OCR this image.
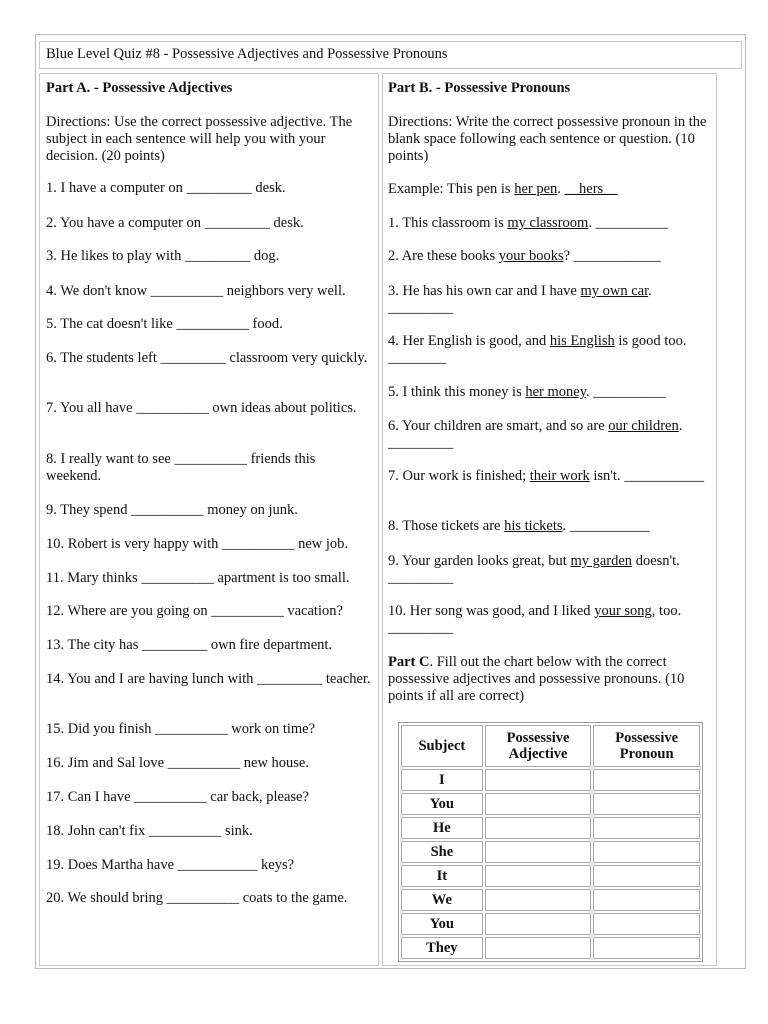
Blue Level Quiz #8 - Possessive Adjectives and Possessive Pronouns

Part A. - Possessive Adjectives

Directions: Use the correct possessive adjective. The subject in each sentence will help you with your decision. (20 points)

1. I have a computer on _________ desk.

2. You have a computer on _________ desk.

3. He likes to play with _________ dog.

4. We don't know __________ neighbors very well.

5. The cat doesn't like __________ food.

6. The students left _________ classroom very quickly.

7. You all have __________ own ideas about politics.

8. I really want to see __________ friends this weekend.

9. They spend __________ money on junk.

10. Robert is very happy with __________ new job.

11. Mary thinks __________ apartment is too small.

12. Where are you going on __________ vacation?

13. The city has _________ own fire department.

14. You and I are having lunch with _________ teacher.

15. Did you finish __________ work on time?

16. Jim and Sal love __________ new house.

17. Can I have __________ car back, please?

18. John can't fix __________ sink.

19. Does Martha have ___________ keys?

20. We should bring __________ coats to the game.

Part B. - Possessive Pronouns

Directions: Write the correct possessive pronoun in the blank space following each sentence or question. (10 points)

Example: This pen is her pen. __hers__

1. This classroom is my classroom. __________

2. Are these books your books? ____________

3. He has his own car and I have my own car. _________

4. Her English is good, and his English is good too. ________

5. I think this money is her money. __________

6. Your children are smart, and so are our children. _________

7. Our work is finished; their work isn't. ___________

8. Those tickets are his tickets. ___________

9. Your garden looks great, but my garden doesn't. _________

10. Her song was good, and I liked your song, too. _________

Part C. Fill out the chart below with the correct possessive adjectives and possessive pronouns. (10 points if all are correct)

Subject	Possessive Adjective	Possessive Pronoun
I		
You		
He		
She		
It		
We		
You		
They		
